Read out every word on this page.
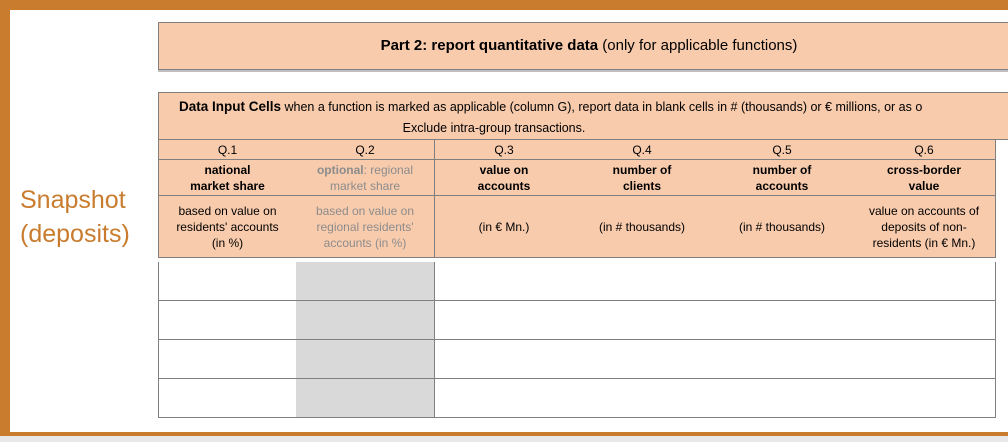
Snapshot
(deposits)
Part 2: report quantitative data (only for applicable functions)
Data Input Cells when a function is marked as applicable (column G), report data in blank cells in # (thousands) or € millions, or as o
Exclude intra-group transactions.
Q.1
national
market share
based on value on
residents' accounts
(in %)
Q.2
optional: regional
market share
based on value on
regional residents'
accounts (in %)
Q.3
value on
accounts
(in € Mn.)
Q.4
number of
clients
(in # thousands)
Q.5
number of
accounts
(in # thousands)
Q.6
cross-border
value
value on accounts of
deposits of non-
residents (in € Mn.)
